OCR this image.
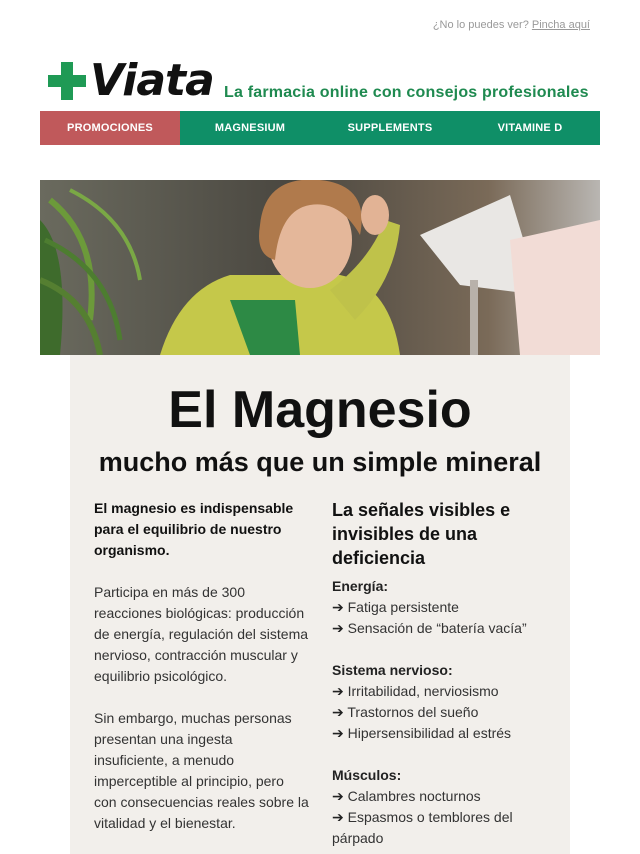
¿No lo puedes ver? Pincha aquí
Viata La farmacia online con consejos profesionales
PROMOCIONES	MAGNESIUM	SUPPLEMENTS	VITAMINE D
El Magnesio
mucho más que un simple mineral

El magnesio es indispensable para el equilibrio de nuestro organismo.

Participa en más de 300 reacciones biológicas: producción de energía, regulación del sistema nervioso, contracción muscular y equilibrio psicológico.

Sin embargo, muchas personas presentan una ingesta insuficiente, a menudo imperceptible al principio, pero con consecuencias reales sobre la vitalidad y el bienestar.

La señales visibles e invisibles de una deficiencia
Energía:
➔ Fatiga persistente
➔ Sensación de “batería vacía”
Sistema nervioso:
➔ Irritabilidad, nerviosismo
➔ Trastornos del sueño
➔ Hipersensibilidad al estrés
Músculos:
➔ Calambres nocturnos
➔ Espasmos o temblores del párpado
